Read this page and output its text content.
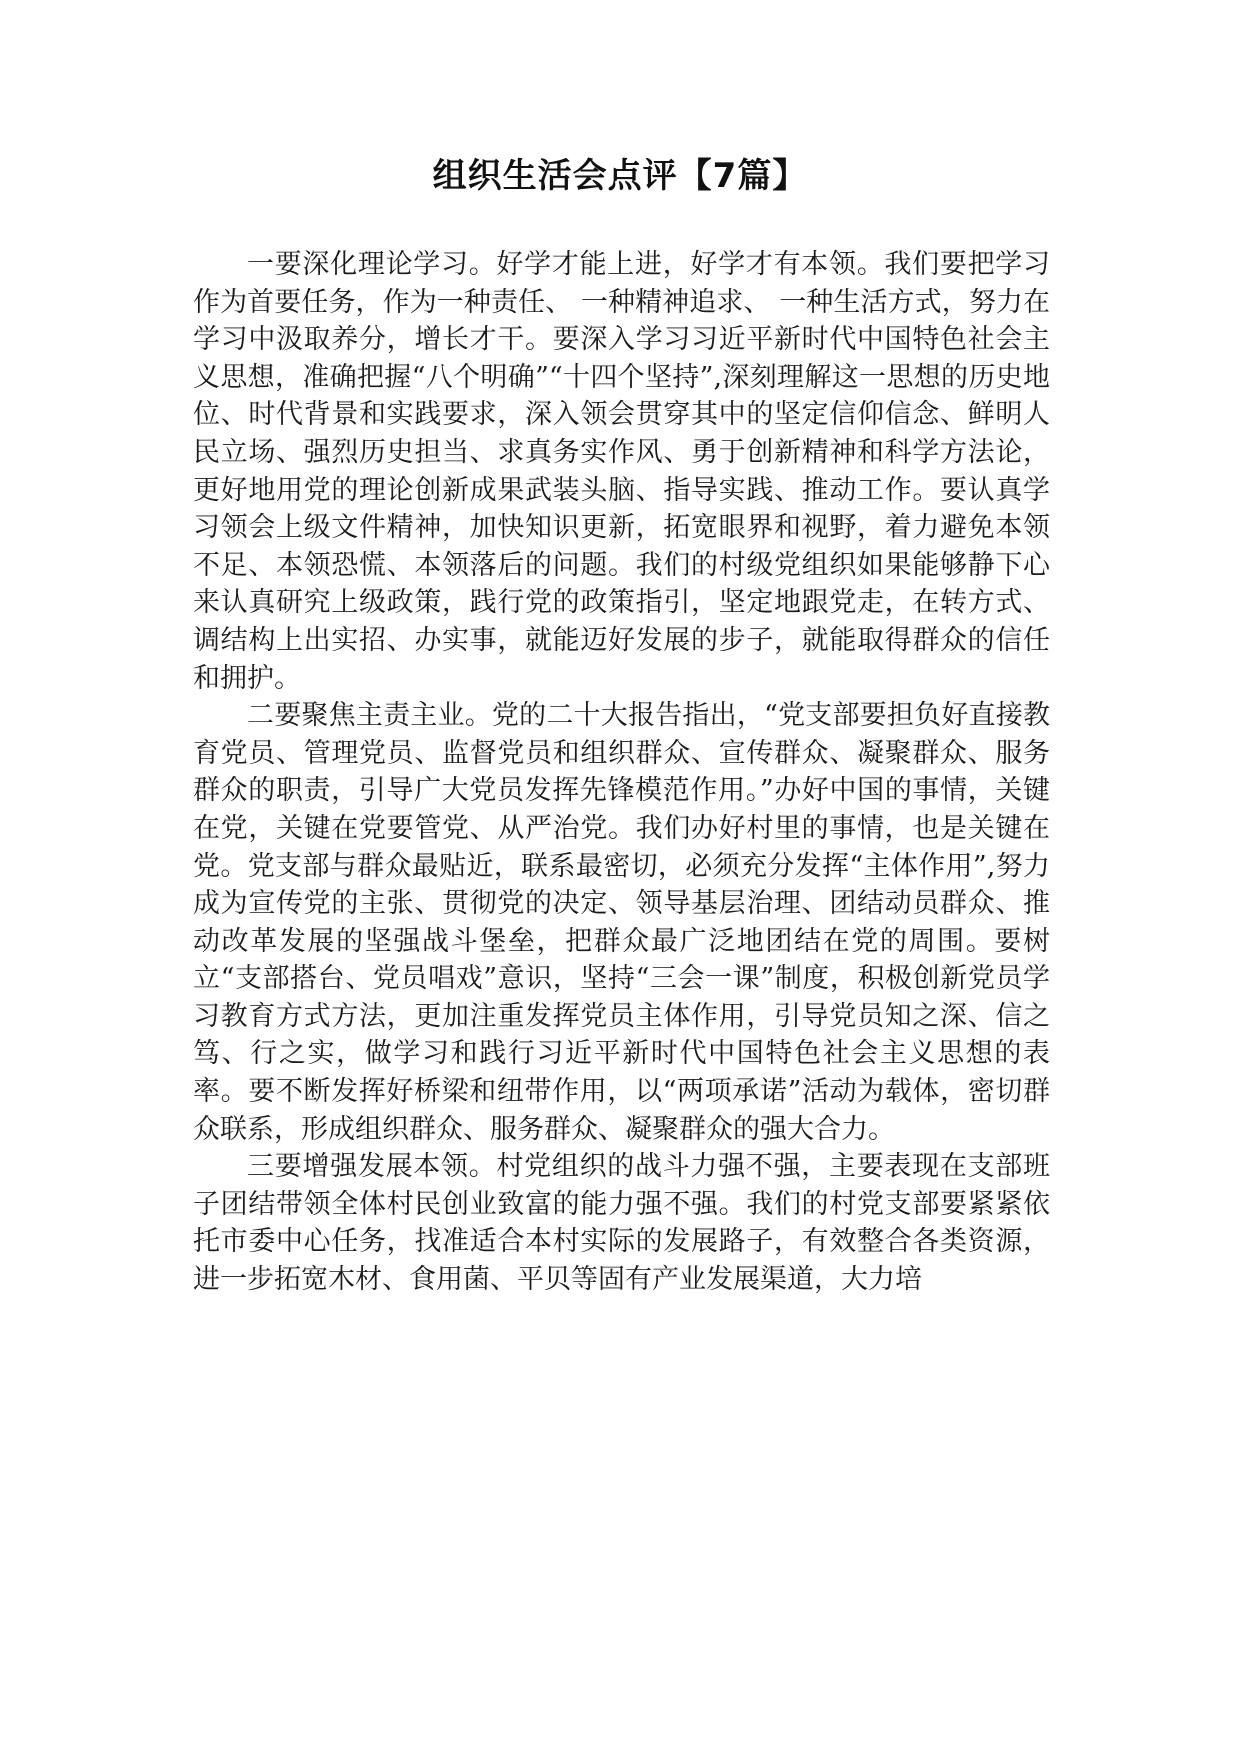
组织生活会点评【7篇】

一要深化理论学习。好学才能上进，好学才有本领。我们要把学习作为首要任务，作为一种责任、 一种精神追求、 一种生活方式，努力在学习中汲取养分，增长才干。要深入学习习近平新时代中国特色社会主义思想，准确把握“八个明确”“十四个坚持”,深刻理解这一思想的历史地位、时代背景和实践要求，深入领会贯穿其中的坚定信仰信念、鲜明人民立场、强烈历史担当、求真务实作风、勇于创新精神和科学方法论，更好地用党的理论创新成果武装头脑、指导实践、推动工作。要认真学习领会上级文件精神，加快知识更新，拓宽眼界和视野，着力避免本领不足、本领恐慌、本领落后的问题。我们的村级党组织如果能够静下心来认真研究上级政策，践行党的政策指引，坚定地跟党走，在转方式、调结构上出实招、办实事，就能迈好发展的步子，就能取得群众的信任和拥护。

二要聚焦主责主业。党的二十大报告指出，“党支部要担负好直接教育党员、管理党员、监督党员和组织群众、宣传群众、凝聚群众、服务群众的职责，引导广大党员发挥先锋模范作用。”办好中国的事情，关键在党，关键在党要管党、从严治党。我们办好村里的事情，也是关键在党。党支部与群众最贴近，联系最密切，必须充分发挥“主体作用”,努力成为宣传党的主张、贯彻党的决定、领导基层治理、团结动员群众、推动改革发展的坚强战斗堡垒，把群众最广泛地团结在党的周围。要树立“支部搭台、党员唱戏”意识，坚持“三会一课”制度，积极创新党员学习教育方式方法，更加注重发挥党员主体作用，引导党员知之深、信之笃、行之实，做学习和践行习近平新时代中国特色社会主义思想的表率。要不断发挥好桥梁和纽带作用，以“两项承诺”活动为载体，密切群众联系，形成组织群众、服务群众、凝聚群众的强大合力。

三要增强发展本领。村党组织的战斗力强不强，主要表现在支部班子团结带领全体村民创业致富的能力强不强。我们的村党支部要紧紧依托市委中心任务，找准适合本村实际的发展路子，有效整合各类资源，进一步拓宽木材、食用菌、平贝等固有产业发展渠道，大力培
